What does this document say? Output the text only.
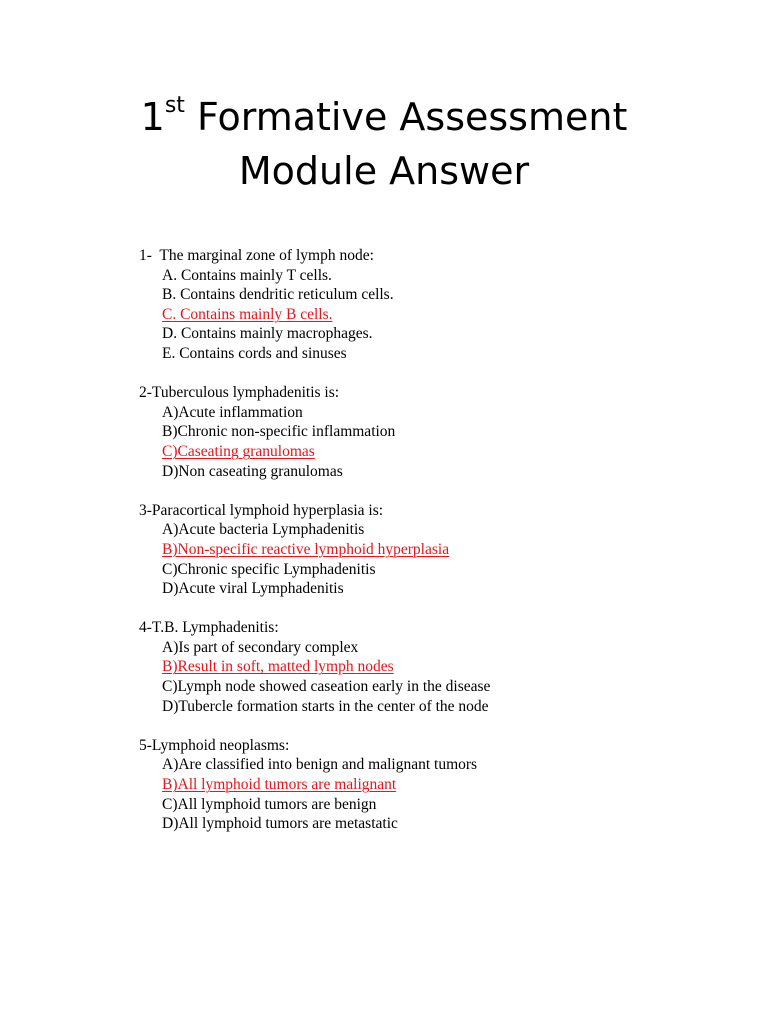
1st Formative Assessment
Module Answer
1-  The marginal zone of lymph node:
A. Contains mainly T cells.
B. Contains dendritic reticulum cells.
C. Contains mainly B cells.
D. Contains mainly macrophages.
E. Contains cords and sinuses
2-Tuberculous lymphadenitis is:
A)Acute inflammation
B)Chronic non-specific inflammation
C)Caseating granulomas
D)Non caseating granulomas
3-Paracortical lymphoid hyperplasia is:
A)Acute bacteria Lymphadenitis
B)Non-specific reactive lymphoid hyperplasia
C)Chronic specific Lymphadenitis
D)Acute viral Lymphadenitis
4-T.B. Lymphadenitis:
A)Is part of secondary complex
B)Result in soft, matted lymph nodes
C)Lymph node showed caseation early in the disease
D)Tubercle formation starts in the center of the node
5-Lymphoid neoplasms:
A)Are classified into benign and malignant tumors
B)All lymphoid tumors are malignant
C)All lymphoid tumors are benign
D)All lymphoid tumors are metastatic
